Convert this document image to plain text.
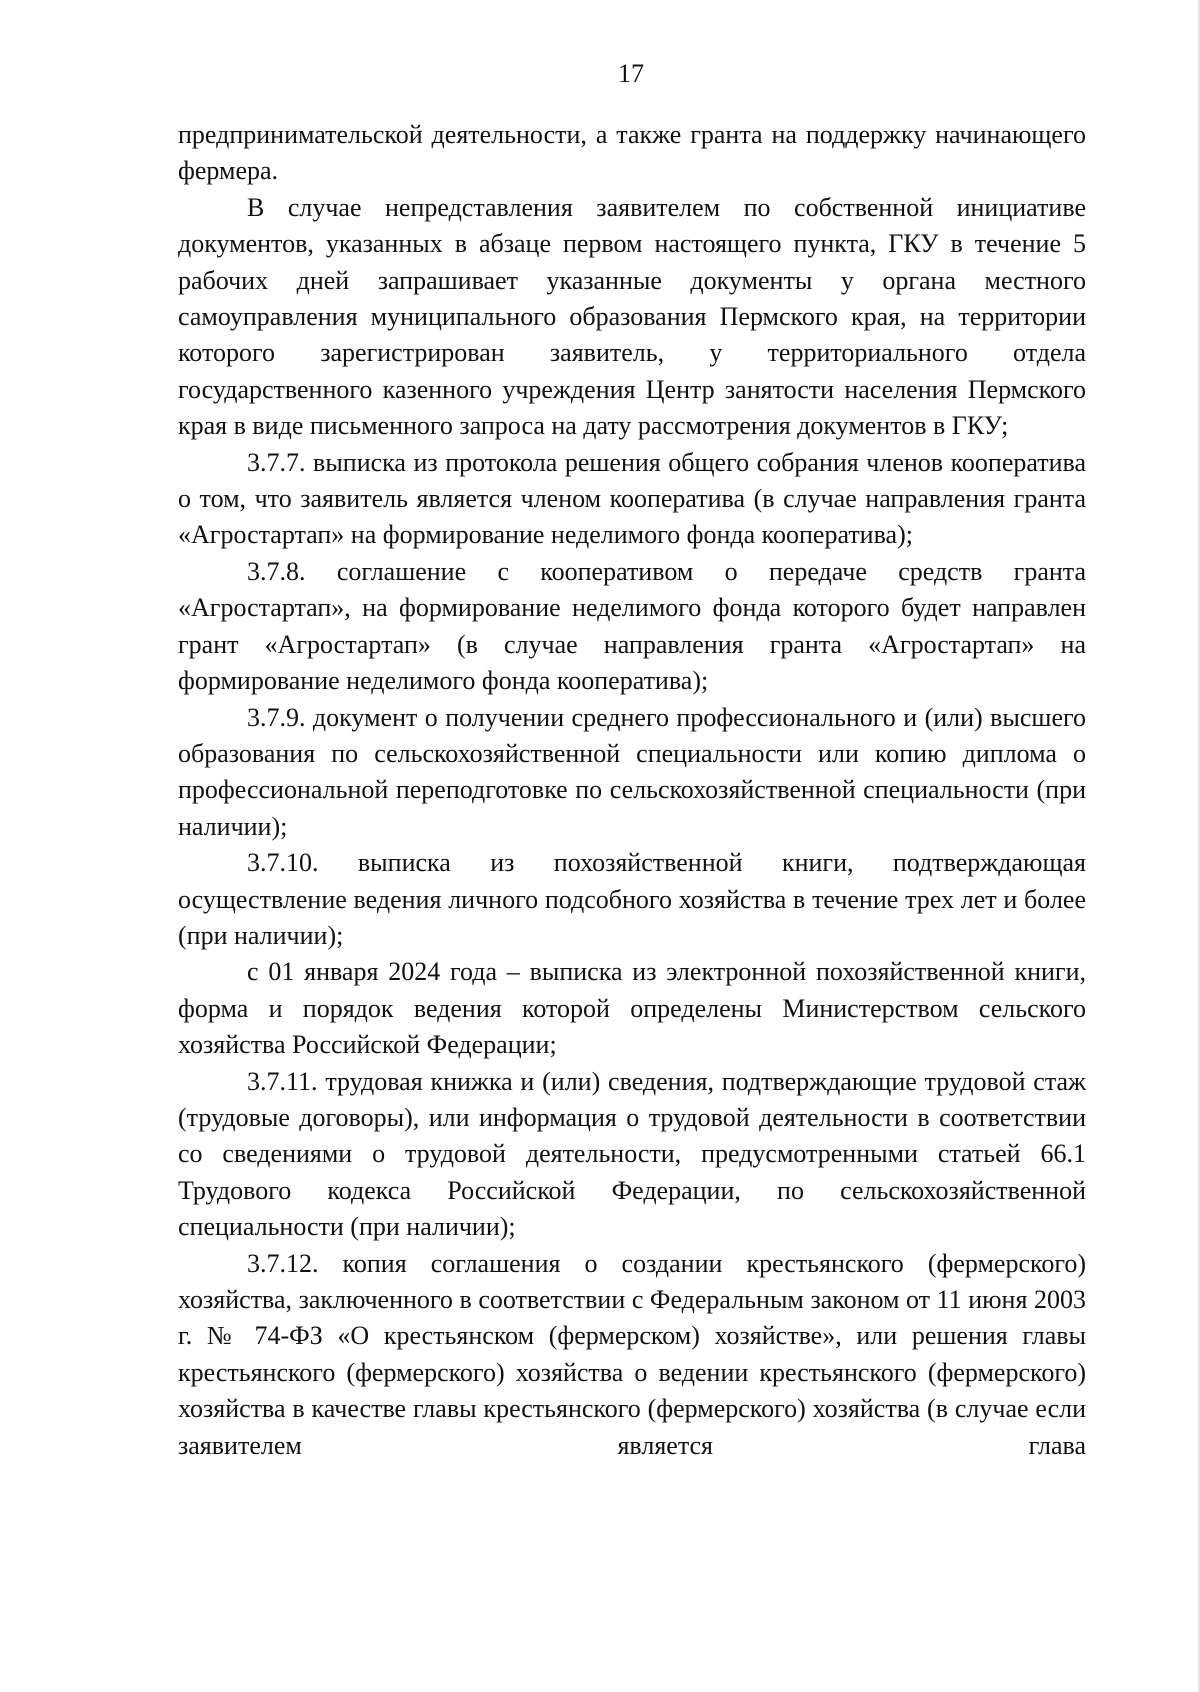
17

предпринимательской деятельности, а также гранта на поддержку начинающего фермера.

В случае непредставления заявителем по собственной инициативе документов, указанных в абзаце первом настоящего пункта, ГКУ в течение 5 рабочих дней запрашивает указанные документы у органа местного самоуправления муниципального образования Пермского края, на территории которого зарегистрирован заявитель, у территориального отдела государственного казенного учреждения Центр занятости населения Пермского края в виде письменного запроса на дату рассмотрения документов в ГКУ;

3.7.7. выписка из протокола решения общего собрания членов кооператива о том, что заявитель является членом кооператива (в случае направления гранта «Агростартап» на формирование неделимого фонда кооператива);

3.7.8. соглашение с кооперативом о передаче средств гранта «Агростартап», на формирование неделимого фонда которого будет направлен грант «Агростартап» (в случае направления гранта «Агростартап» на формирование неделимого фонда кооператива);

3.7.9. документ о получении среднего профессионального и (или) высшего образования по сельскохозяйственной специальности или копию диплома о профессиональной переподготовке по сельскохозяйственной специальности (при наличии);

3.7.10. выписка из похозяйственной книги, подтверждающая осуществление ведения личного подсобного хозяйства в течение трех лет и более (при наличии);

с 01 января 2024 года – выписка из электронной похозяйственной книги, форма и порядок ведения которой определены Министерством сельского хозяйства Российской Федерации;

3.7.11. трудовая книжка и (или) сведения, подтверждающие трудовой стаж (трудовые договоры), или информация о трудовой деятельности в соответствии со сведениями о трудовой деятельности, предусмотренными статьей 66.1 Трудового кодекса Российской Федерации, по сельскохозяйственной специальности (при наличии);

3.7.12. копия соглашения о создании крестьянского (фермерского) хозяйства, заключенного в соответствии с Федеральным законом от 11 июня 2003 г. № 74-ФЗ «О крестьянском (фермерском) хозяйстве», или решения главы крестьянского (фермерского) хозяйства о ведении крестьянского (фермерского) хозяйства в качестве главы крестьянского (фермерского) хозяйства (в случае если заявителем является глава
